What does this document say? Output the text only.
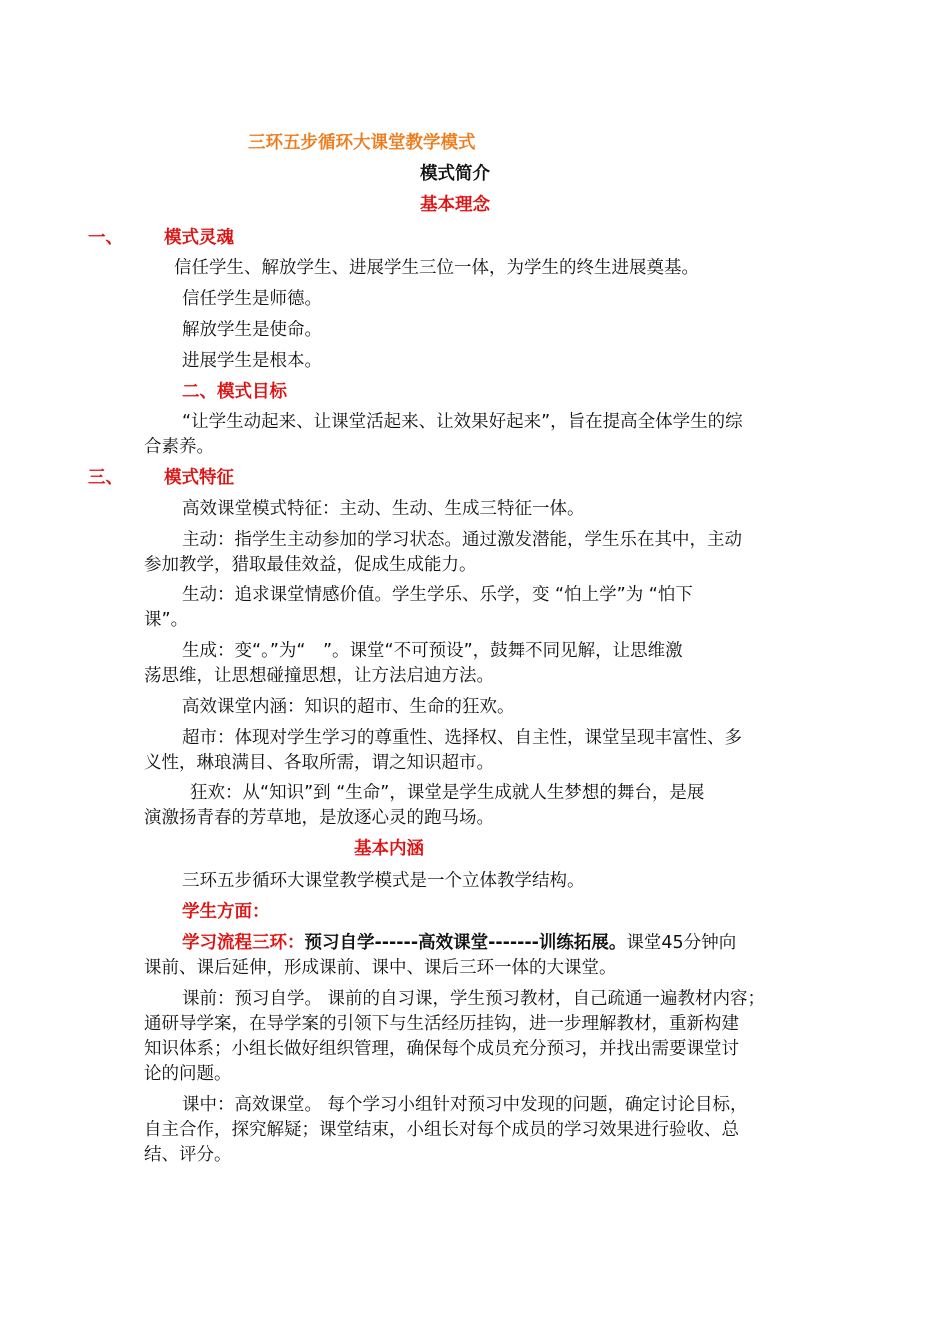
三环五步循环大课堂教学模式
模式简介
基本理念
一、 模式灵魂
信任学生、解放学生、进展学生三位一体，为学生的终生进展奠基。
信任学生是师德。
解放学生是使命。
进展学生是根本。
二、模式目标
“让学生动起来、让课堂活起来、让效果好起来”，旨在提高全体学生的综
合素养。
三、 模式特征
高效课堂模式特征：主动、生动、生成三特征一体。
主动：指学生主动参加的学习状态。通过激发潜能，学生乐在其中，主动
参加教学，猎取最佳效益，促成生成能力。
生动：追求课堂情感价值。学生学乐、乐学，变 “怕上学”为 “怕下
课”。
生成：变“。”为“　”。课堂“不可预设”，鼓舞不同见解，让思维激
荡思维，让思想碰撞思想，让方法启迪方法。
高效课堂内涵：知识的超市、生命的狂欢。
超市：体现对学生学习的尊重性、选择权、自主性，课堂呈现丰富性、多
义性，琳琅满目、各取所需，谓之知识超市。
狂欢：从“知识”到 “生命”，课堂是学生成就人生梦想的舞台，是展
演激扬青春的芳草地，是放逐心灵的跑马场。
基本内涵
三环五步循环大课堂教学模式是一个立体教学结构。
学生方面：
学习流程三环：预习自学------高效课堂-------训练拓展。课堂45分钟向
课前、课后延伸，形成课前、课中、课后三环一体的大课堂。
课前：预习自学。 课前的自习课，学生预习教材，自己疏通一遍教材内容；
通研导学案，在导学案的引领下与生活经历挂钩，进一步理解教材，重新构建
知识体系；小组长做好组织管理，确保每个成员充分预习，并找出需要课堂讨
论的问题。
课中：高效课堂。 每个学习小组针对预习中发现的问题，确定讨论目标，
自主合作，探究解疑；课堂结束，小组长对每个成员的学习效果进行验收、总
结、评分。
